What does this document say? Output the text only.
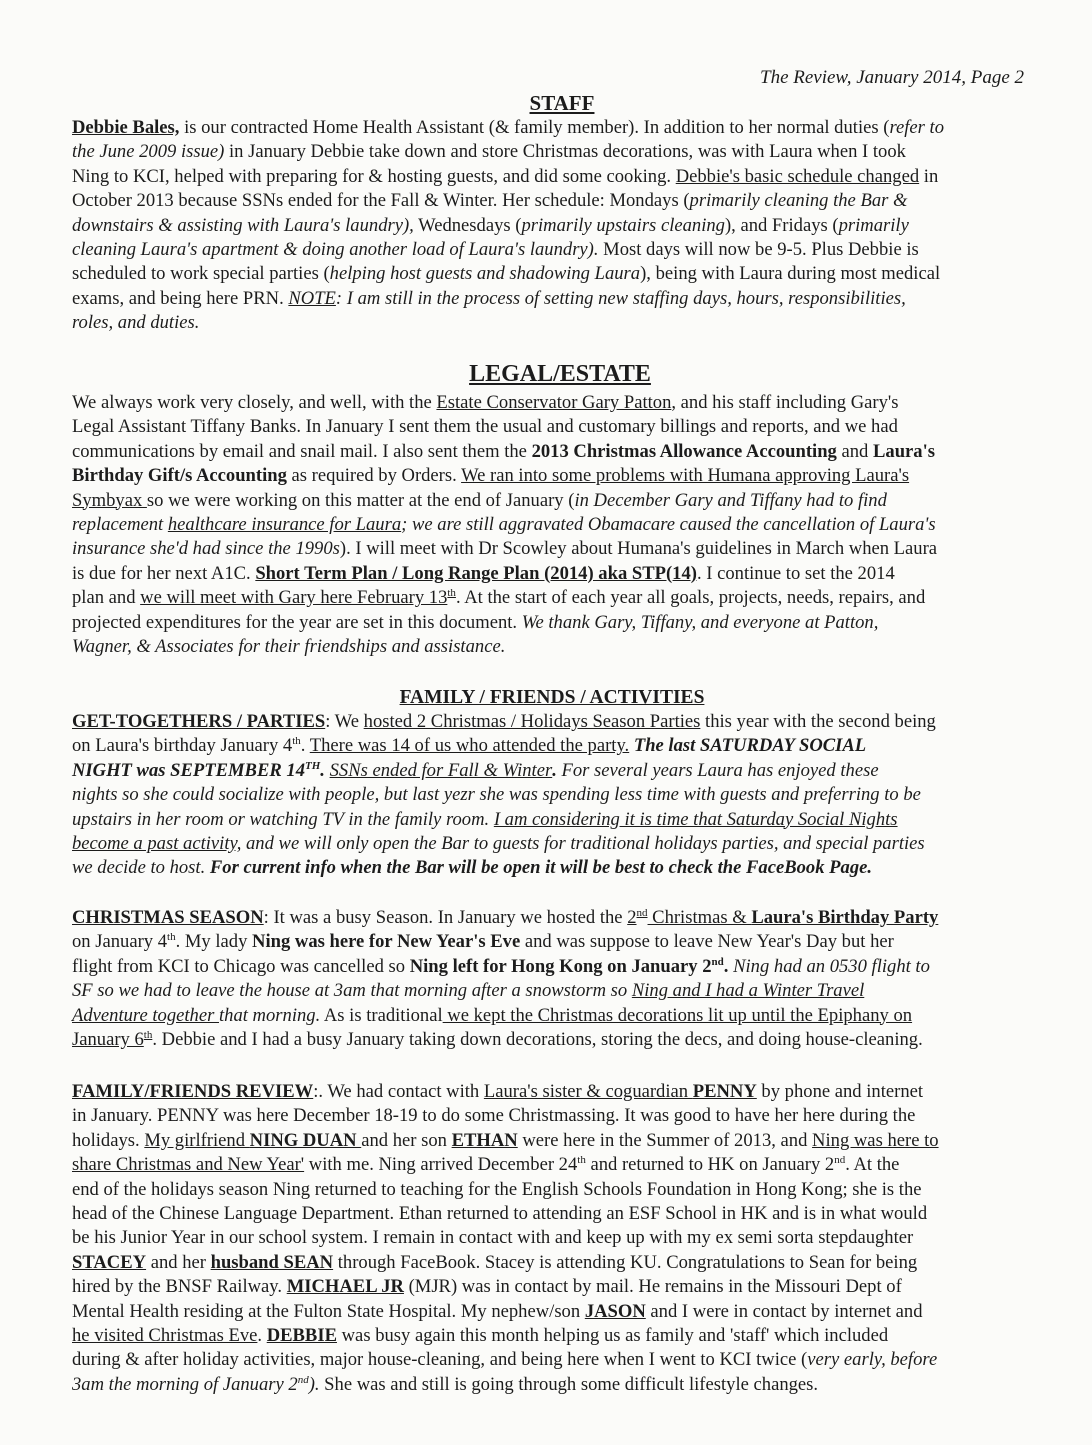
The Review, January 2014, Page 2
STAFF
Debbie Bales, is our contracted Home Health Assistant (& family member). In addition to her normal duties (refer to
the June 2009 issue) in January Debbie take down and store Christmas decorations, was with Laura when I took
Ning to KCI, helped with preparing for & hosting guests, and did some cooking. Debbie's basic schedule changed in
October 2013 because SSNs ended for the Fall & Winter. Her schedule: Mondays (primarily cleaning the Bar &
downstairs & assisting with Laura's laundry), Wednesdays (primarily upstairs cleaning), and Fridays (primarily
cleaning Laura's apartment & doing another load of Laura's laundry). Most days will now be 9-5. Plus Debbie is
scheduled to work special parties (helping host guests and shadowing Laura), being with Laura during most medical
exams, and being here PRN. NOTE: I am still in the process of setting new staffing days, hours, responsibilities,
roles, and duties.
LEGAL/ESTATE
We always work very closely, and well, with the Estate Conservator Gary Patton, and his staff including Gary's
Legal Assistant Tiffany Banks. In January I sent them the usual and customary billings and reports, and we had
communications by email and snail mail. I also sent them the 2013 Christmas Allowance Accounting and Laura's
Birthday Gift/s Accounting as required by Orders. We ran into some problems with Humana approving Laura's
Symbyax so we were working on this matter at the end of January (in December Gary and Tiffany had to find
replacement healthcare insurance for Laura; we are still aggravated Obamacare caused the cancellation of Laura's
insurance she'd had since the 1990s). I will meet with Dr Scowley about Humana's guidelines in March when Laura
is due for her next A1C. Short Term Plan / Long Range Plan (2014) aka STP(14). I continue to set the 2014
plan and we will meet with Gary here February 13th. At the start of each year all goals, projects, needs, repairs, and
projected expenditures for the year are set in this document. We thank Gary, Tiffany, and everyone at Patton,
Wagner, & Associates for their friendships and assistance.
FAMILY / FRIENDS / ACTIVITIES
GET-TOGETHERS / PARTIES: We hosted 2 Christmas / Holidays Season Parties this year with the second being
on Laura's birthday January 4th. There was 14 of us who attended the party. The last SATURDAY SOCIAL
NIGHT was SEPTEMBER 14TH. SSNs ended for Fall & Winter. For several years Laura has enjoyed these
nights so she could socialize with people, but last yezr she was spending less time with guests and preferring to be
upstairs in her room or watching TV in the family room. I am considering it is time that Saturday Social Nights
become a past activity, and we will only open the Bar to guests for traditional holidays parties, and special parties
we decide to host. For current info when the Bar will be open it will be best to check the FaceBook Page.
CHRISTMAS SEASON: It was a busy Season. In January we hosted the 2nd Christmas & Laura's Birthday Party
on January 4th. My lady Ning was here for New Year's Eve and was suppose to leave New Year's Day but her
flight from KCI to Chicago was cancelled so Ning left for Hong Kong on January 2nd. Ning had an 0530 flight to
SF so we had to leave the house at 3am that morning after a snowstorm so Ning and I had a Winter Travel
Adventure together that morning. As is traditional we kept the Christmas decorations lit up until the Epiphany on
January 6th. Debbie and I had a busy January taking down decorations, storing the decs, and doing house-cleaning.
FAMILY/FRIENDS REVIEW:. We had contact with Laura's sister & coguardian PENNY by phone and internet
in January. PENNY was here December 18-19 to do some Christmassing. It was good to have her here during the
holidays. My girlfriend NING DUAN and her son ETHAN were here in the Summer of 2013, and Ning was here to
share Christmas and New Year' with me. Ning arrived December 24th and returned to HK on January 2nd. At the
end of the holidays season Ning returned to teaching for the English Schools Foundation in Hong Kong; she is the
head of the Chinese Language Department. Ethan returned to attending an ESF School in HK and is in what would
be his Junior Year in our school system. I remain in contact with and keep up with my ex semi sorta stepdaughter
STACEY and her husband SEAN through FaceBook. Stacey is attending KU. Congratulations to Sean for being
hired by the BNSF Railway. MICHAEL JR (MJR) was in contact by mail. He remains in the Missouri Dept of
Mental Health residing at the Fulton State Hospital. My nephew/son JASON and I were in contact by internet and
he visited Christmas Eve. DEBBIE was busy again this month helping us as family and 'staff' which included
during & after holiday activities, major house-cleaning, and being here when I went to KCI twice (very early, before
3am the morning of January 2nd). She was and still is going through some difficult lifestyle changes.
